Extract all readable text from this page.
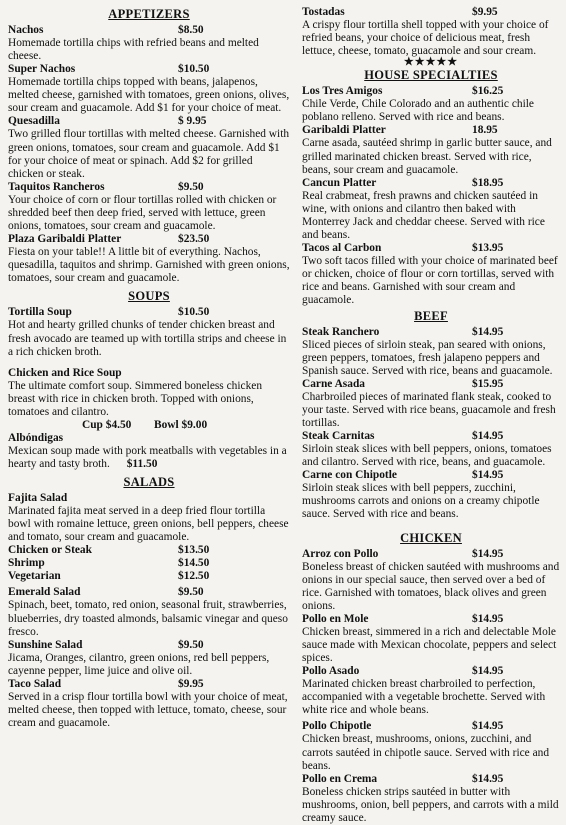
APPETIZERS
Nachos	$8.50
Homemade tortilla chips with refried beans and melted cheese.
Super Nachos	$10.50
Homemade tortilla chips topped with beans, jalapenos, melted cheese, garnished with tomatoes, green onions, olives, sour cream and guacamole. Add $1 for your choice of meat.
Quesadilla	$ 9.95
Two grilled flour tortillas with melted cheese. Garnished with green onions, tomatoes, sour cream and guacamole. Add $1 for your choice of meat or spinach. Add $2 for grilled chicken or steak.
Taquitos Rancheros	$9.50
Your choice of corn or flour tortillas rolled with chicken or shredded beef then deep fried, served with lettuce, green onions, tomatoes, sour cream and guacamole.
Plaza Garibaldi Platter	$23.50
Fiesta on your table!! A little bit of everything. Nachos, quesadilla, taquitos and shrimp. Garnished with green onions, tomatoes, sour cream and guacamole.
SOUPS
Tortilla Soup	$10.50
Hot and hearty grilled chunks of tender chicken breast and fresh avocado are teamed up with tortilla strips and cheese in a rich chicken broth.
Chicken and Rice Soup
The ultimate comfort soup. Simmered boneless chicken breast with rice in chicken broth. Topped with onions, tomatoes and cilantro.
Cup $4.50	Bowl $9.00
Albóndigas
Mexican soup made with pork meatballs with vegetables in a hearty and tasty broth. $11.50
SALADS
Fajita Salad
Marinated fajita meat served in a deep fried flour tortilla bowl with romaine lettuce, green onions, bell peppers, cheese and tomato, sour cream and guacamole.
Chicken or Steak	$13.50
Shrimp	$14.50
Vegetarian	$12.50
Emerald Salad	$9.50
Spinach, beet, tomato, red onion, seasonal fruit, strawberries, blueberries, dry toasted almonds, balsamic vinegar and queso fresco.
Sunshine Salad	$9.50
Jicama, Oranges, cilantro, green onions, red bell peppers, cayenne pepper, lime juice and olive oil.
Taco Salad	$9.95
Served in a crisp flour tortilla bowl with your choice of meat, melted cheese, then topped with lettuce, tomato, cheese, sour cream and guacamole.
Tostadas	$9.95
A crispy flour tortilla shell topped with your choice of refried beans, your choice of delicious meat, fresh lettuce, cheese, tomato, guacamole and sour cream.
★★★★★
HOUSE SPECIALTIES
Los Tres Amigos	$16.25
Chile Verde, Chile Colorado and an authentic chile poblano relleno. Served with rice and beans.
Garibaldi Platter	18.95
Carne asada, sautéed shrimp in garlic butter sauce, and grilled marinated chicken breast. Served with rice, beans, sour cream and guacamole.
Cancun Platter	$18.95
Real crabmeat, fresh prawns and chicken sautéed in wine, with onions and cilantro then baked with Monterrey Jack and cheddar cheese. Served with rice and beans.
Tacos al Carbon	$13.95
Two soft tacos filled with your choice of marinated beef or chicken, choice of flour or corn tortillas, served with rice and beans. Garnished with sour cream and guacamole.
BEEF
Steak Ranchero	$14.95
Sliced pieces of sirloin steak, pan seared with onions, green peppers, tomatoes, fresh jalapeno peppers and Spanish sauce. Served with rice, beans and guacamole.
Carne Asada	$15.95
Charbroiled pieces of marinated flank steak, cooked to your taste. Served with rice beans, guacamole and fresh tortillas.
Steak Carnitas	$14.95
Sirloin steak slices with bell peppers, onions, tomatoes and cilantro. Served with rice, beans, and guacamole.
Carne con Chipotle	$14.95
Sirloin steak slices with bell peppers, zucchini, mushrooms carrots and onions on a creamy chipotle sauce. Served with rice and beans.
CHICKEN
Arroz con Pollo	$14.95
Boneless breast of chicken sautéed with mushrooms and onions in our special sauce, then served over a bed of rice. Garnished with tomatoes, black olives and green onions.
Pollo en Mole	$14.95
Chicken breast, simmered in a rich and delectable Mole sauce made with Mexican chocolate, peppers and select spices.
Pollo Asado	$14.95
Marinated chicken breast charbroiled to perfection, accompanied with a vegetable brochette. Served with white rice and whole beans.
Pollo Chipotle	$14.95
Chicken breast, mushrooms, onions, zucchini, and carrots sautéed in chipotle sauce. Served with rice and beans.
Pollo en Crema	$14.95
Boneless chicken strips sautéed in butter with mushrooms, onion, bell peppers, and carrots with a mild creamy sauce.
